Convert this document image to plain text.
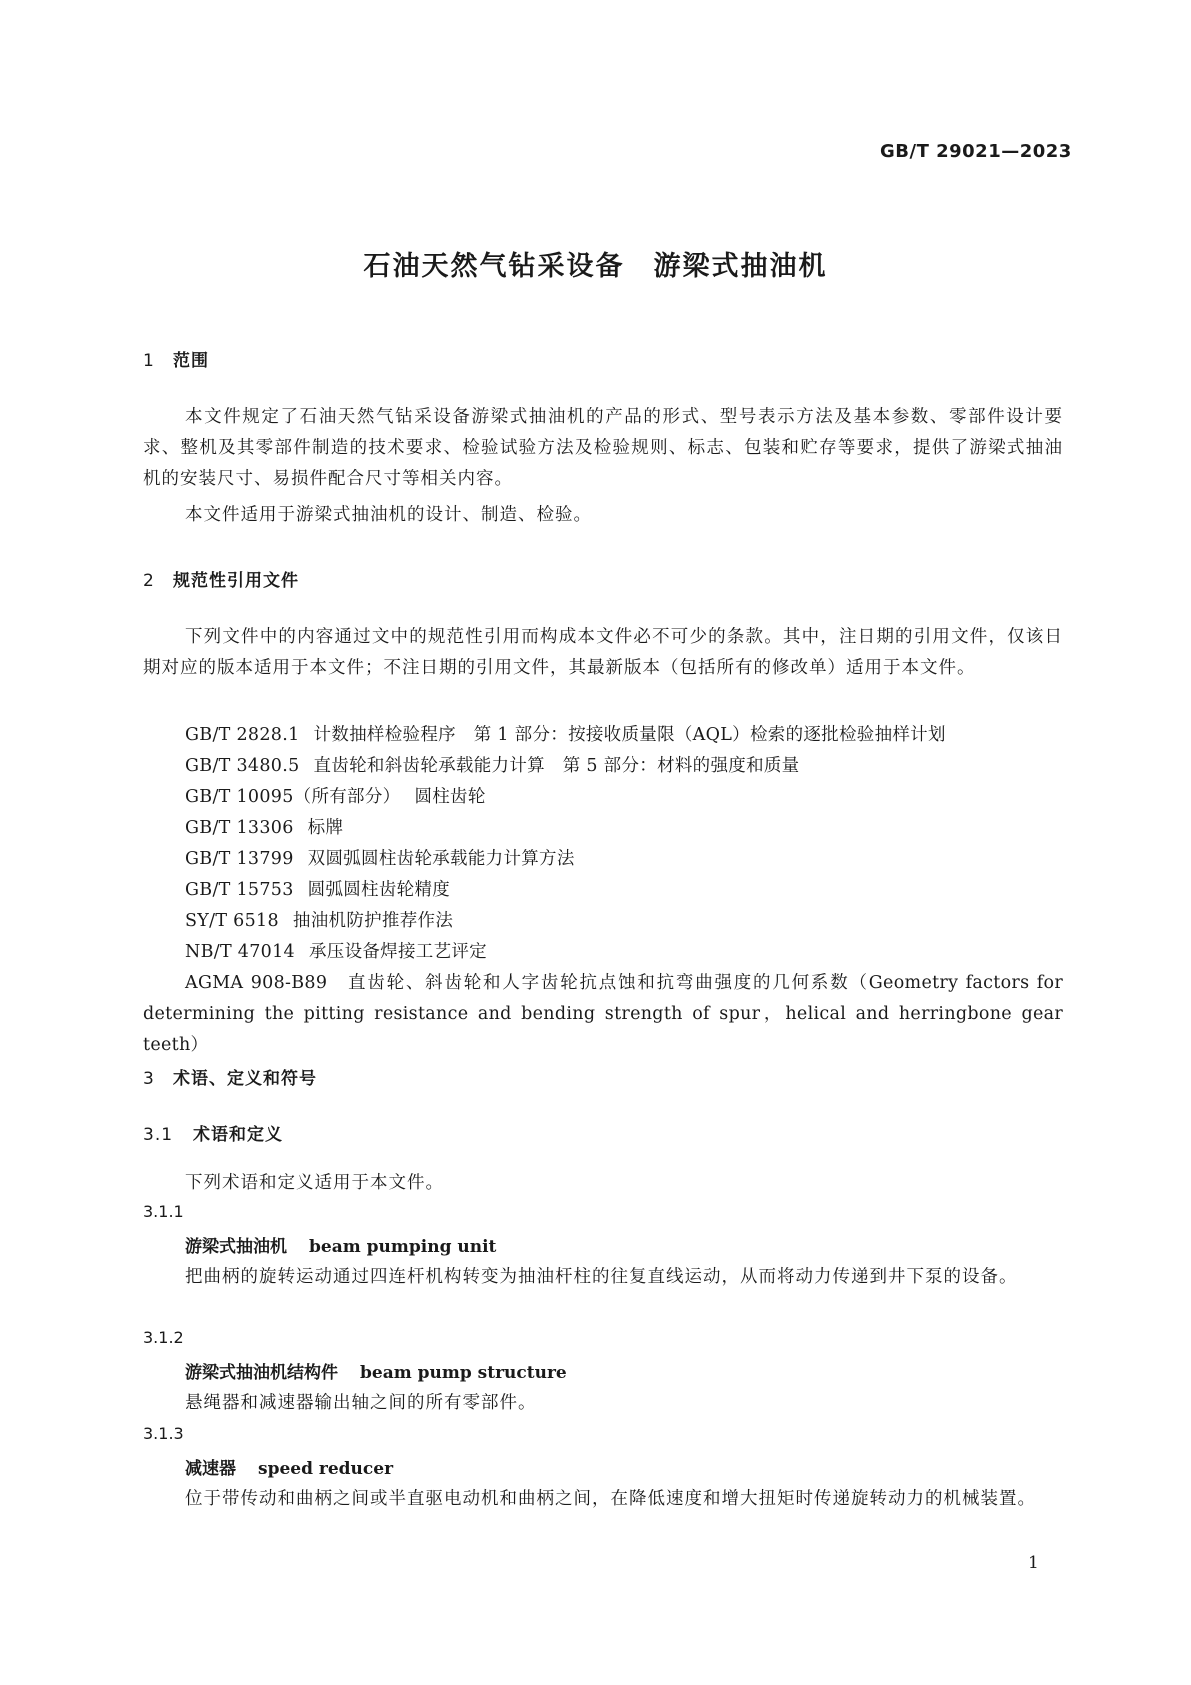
GB/T 29021—2023
石油天然气钻采设备　游梁式抽油机
1 范围
本文件规定了石油天然气钻采设备游梁式抽油机的产品的形式、型号表示方法及基本参数、零部件设计要求、整机及其零部件制造的技术要求、检验试验方法及检验规则、标志、包装和贮存等要求，提供了游梁式抽油机的安装尺寸、易损件配合尺寸等相关内容。
本文件适用于游梁式抽油机的设计、制造、检验。
2 规范性引用文件
下列文件中的内容通过文中的规范性引用而构成本文件必不可少的条款。其中，注日期的引用文件，仅该日期对应的版本适用于本文件；不注日期的引用文件，其最新版本（包括所有的修改单）适用于本文件。
GB/T 2828.1 计数抽样检验程序　第 1 部分：按接收质量限（AQL）检索的逐批检验抽样计划
GB/T 3480.5 直齿轮和斜齿轮承载能力计算　第 5 部分：材料的强度和质量
GB/T 10095（所有部分） 圆柱齿轮
GB/T 13306 标牌
GB/T 13799 双圆弧圆柱齿轮承载能力计算方法
GB/T 15753 圆弧圆柱齿轮精度
SY/T 6518 抽油机防护推荐作法
NB/T 47014 承压设备焊接工艺评定
AGMA 908-B89　直齿轮、斜齿轮和人字齿轮抗点蚀和抗弯曲强度的几何系数（Geometry factors for determining the pitting resistance and bending strength of spur，helical and herringbone gear teeth）
3 术语、定义和符号
3.1 术语和定义
下列术语和定义适用于本文件。
3.1.1
游梁式抽油机 beam pumping unit
把曲柄的旋转运动通过四连杆机构转变为抽油杆柱的往复直线运动，从而将动力传递到井下泵的设备。
3.1.2
游梁式抽油机结构件 beam pump structure
悬绳器和减速器输出轴之间的所有零部件。
3.1.3
减速器 speed reducer
位于带传动和曲柄之间或半直驱电动机和曲柄之间，在降低速度和增大扭矩时传递旋转动力的机械装置。
1
